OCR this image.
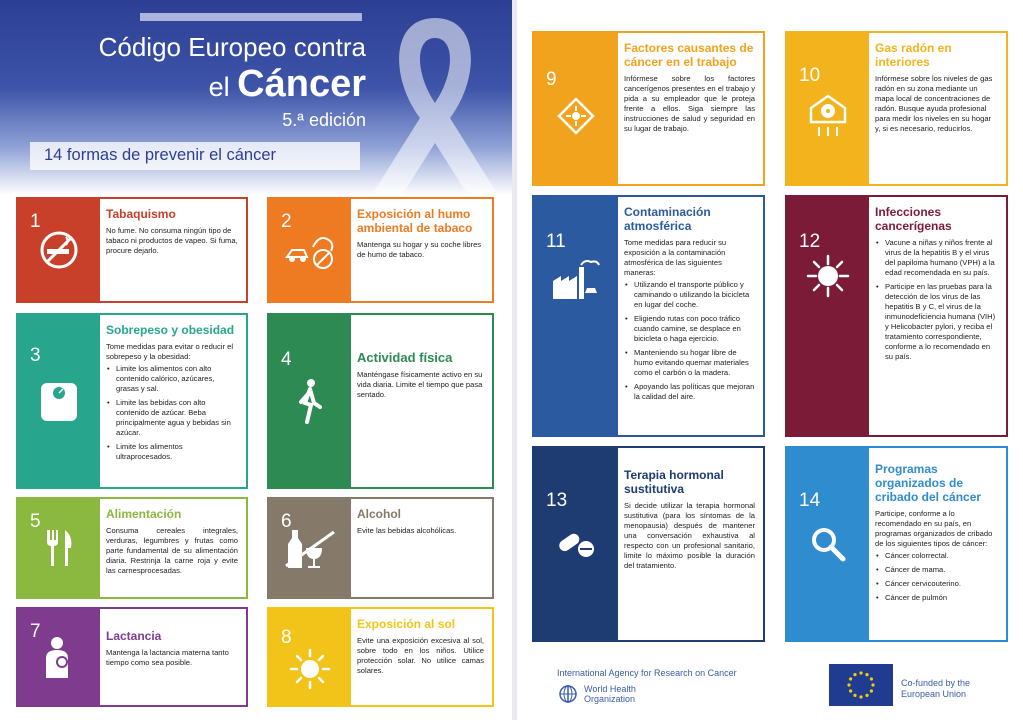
Código Europeo contra
el Cáncer
5.ª edición
14 formas de prevenir el cáncer
1	Tabaquismo
No fume. No consuma ningún tipo de tabaco ni productos de vapeo. Si fuma, procure dejarlo.
2	Exposición al humo ambiental de tabaco
Mantenga su hogar y su coche libres de humo de tabaco.
3
Sobrepeso y obesidad
Tome medidas para evitar o reducir el sobrepeso y la obesidad:
• Limite los alimentos con alto contenido calórico, azúcares, grasas y sal.
• Limite las bebidas con alto contenido de azúcar. Beba principalmente agua y bebidas sin azúcar.
• Limite los alimentos ultraprocesados.
4	Actividad física
Manténgase físicamente activo en su vida diaria. Limite el tiempo que pasa sentado.
5	Alimentación
Consuma cereales integrales, verduras, legumbres y frutas como parte fundamental de su alimentación diaria. Restrinja la carne roja y evite las carnesprocesadas.
6	Alcohol
Evite las bebidas alcohólicas.
7	Lactancia
Mantenga la lactancia materna tanto tiempo como sea posible.
8
Exposición al sol
Evite una exposición excesiva al sol, sobre todo en los niños. Utilice protección solar. No utilice camas solares.
9
Factores causantes de cáncer en el trabajo
Infórmese sobre los factores cancerígenos presentes en el trabajo y pida a su empleador que le proteja frente a ellos. Siga siempre las instrucciones de salud y seguridad en su lugar de trabajo.
10
Gas radón en interiores
Infórmese sobre los niveles de gas radón en su zona mediante un mapa local de concentraciones de radón. Busque ayuda profesional para medir los niveles en su hogar y, si es necesario, reducirlos.
11
Contaminación atmosférica
Tome medidas para reducir su exposición a la contaminación atmosférica de las siguientes maneras:
• Utilizando el transporte público y caminando o utilizando la bicicleta en lugar del coche.
• Eligiendo rutas con poco tráfico cuando camine, se desplace en bicicleta o haga ejercicio.
• Manteniendo su hogar libre de humo evitando quemar materiales como el carbón o la madera.
• Apoyando las políticas que mejoran la calidad del aire.
12
Infecciones cancerígenas
• Vacune a niñas y niños frente al virus de la hepatitis B y el virus del papiloma humano (VPH) a la edad recomendada en su país.
• Participe en las pruebas para la detección de los virus de las hepatitis B y C, el virus de la inmunodeficiencia humana (VIH) y Helicobacter pylori, y reciba el tratamiento correspondiente, conforme a lo recomendado en su país.
13
Terapia hormonal sustitutiva
Si decide utilizar la terapia hormonal sustitutiva (para los síntomas de la menopausia) después de mantener una conversación exhaustiva al respecto con un profesional sanitario, limite lo máximo posible la duración del tratamiento.
14
Programas organizados de cribado del cáncer
Participe, conforme a lo recomendado en su país, en programas organizados de cribado de los siguientes tipos de cáncer:
• Cáncer colorrectal.
• Cáncer de mama.
• Cáncer cervicouterino.
• Cáncer de pulmón
International Agency for Research on Cancer
World Health
Organization
Co-funded by the
European Union
